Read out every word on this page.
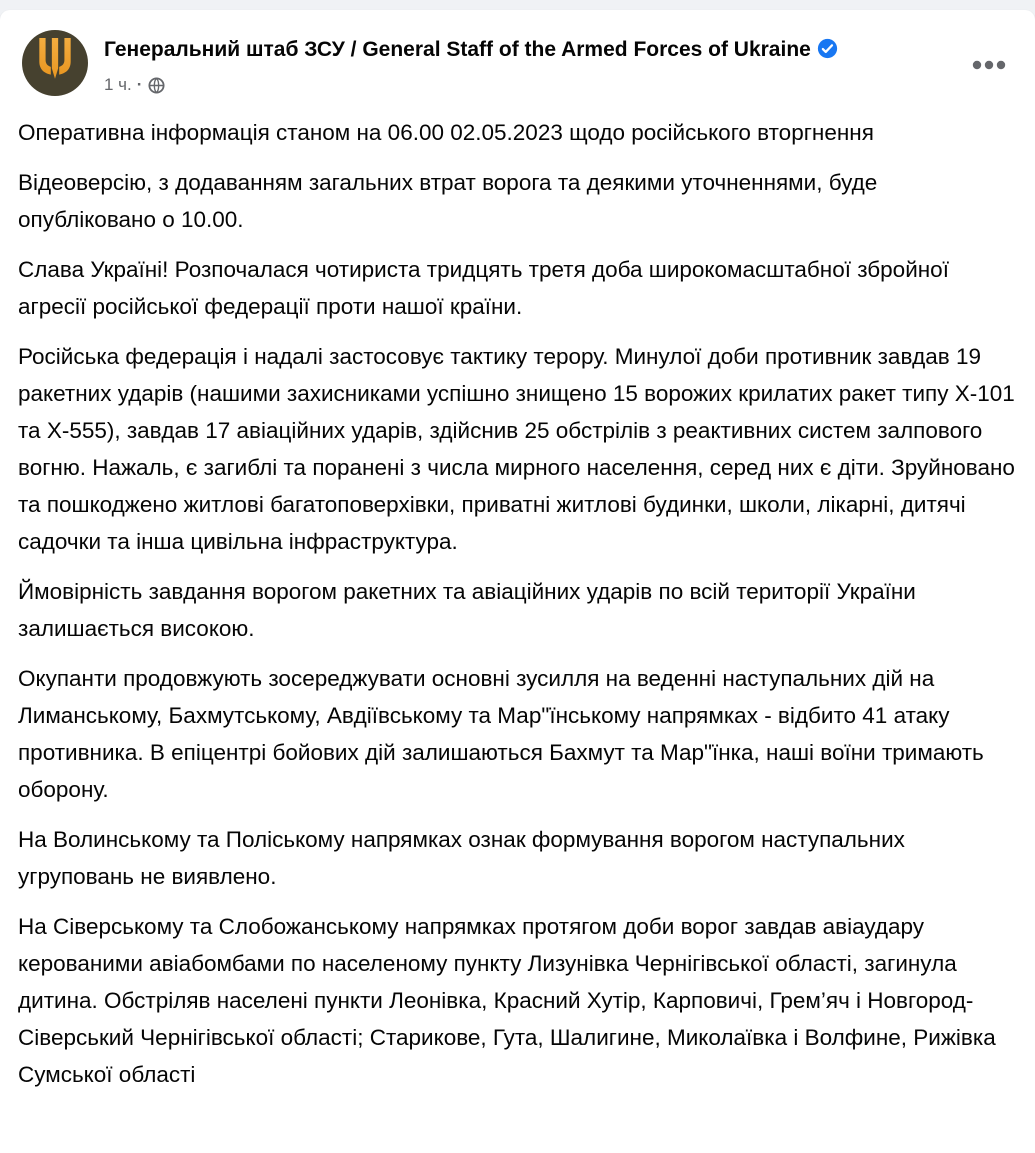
Генеральний штаб ЗСУ / General Staff of the Armed Forces of Ukraine
1 ч. ·

Оперативна інформація станом на 06.00 02.05.2023 щодо російського вторгнення

Відеоверсію, з додаванням загальних втрат ворога та деякими уточненнями, буде опубліковано о 10.00.

Слава Україні! Розпочалася чотириста тридцять третя доба широкомасштабної збройної агресії російської федерації проти нашої країни.

Російська федерація і надалі застосовує тактику терору. Минулої доби противник завдав 19 ракетних ударів (нашими захисниками успішно знищено 15 ворожих крилатих ракет типу Х-101 та Х-555), завдав 17 авіаційних ударів, здійснив 25 обстрілів з реактивних систем залпового вогню. Нажаль, є загиблі та поранені з числа мирного населення, серед них є діти. Зруйновано та пошкоджено житлові багатоповерхівки, приватні житлові будинки, школи, лікарні, дитячі садочки та інша цивільна інфраструктура.

Ймовірність завдання ворогом ракетних та авіаційних ударів по всій території України залишається високою.

Окупанти продовжують зосереджувати основні зусилля на веденні наступальних дій на Лиманському, Бахмутському, Авдіївському та Мар"їнському напрямках - відбито 41 атаку противника. В епіцентрі бойових дій залишаються Бахмут та Мар"їнка, наші воїни тримають оборону.

На Волинському та Поліському напрямках ознак формування ворогом наступальних угруповань не виявлено.

На Сіверському та Слобожанському напрямках протягом доби ворог завдав авіаудару керованими авіабомбами по населеному пункту Лизунівка Чернігівської області, загинула дитина. Обстріляв населені пункти Леонівка, Красний Хутір, Карповичі, Грем’яч і Новгород-Сіверський Чернігівської області; Старикове, Гута, Шалигине, Миколаївка і Волфине, Рижівка Сумської області
